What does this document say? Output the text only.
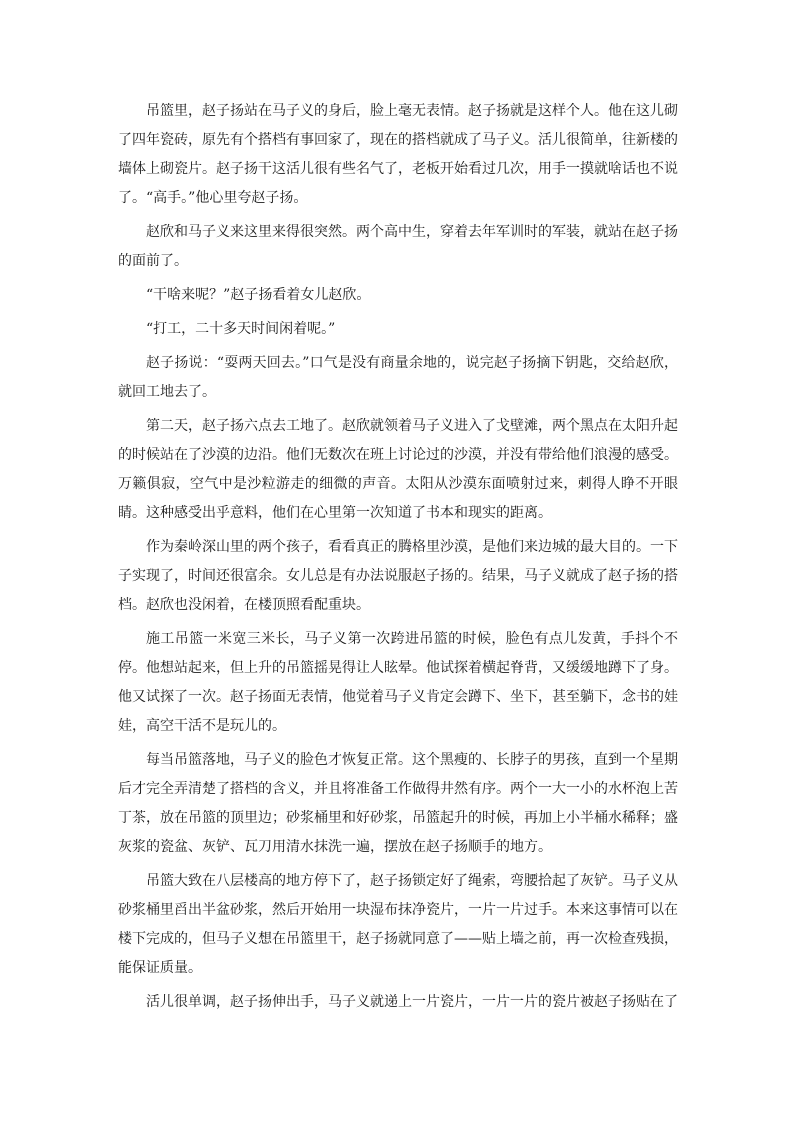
吊篮里，赵子扬站在马子义的身后，脸上毫无表情。赵子扬就是这样个人。他在这儿砌了四年瓷砖，原先有个搭档有事回家了，现在的搭档就成了马子义。活儿很简单，往新楼的墙体上砌瓷片。赵子扬干这活儿很有些名气了，老板开始看过几次，用手一摸就啥话也不说了。“高手。”他心里夸赵子扬。

赵欣和马子义来这里来得很突然。两个高中生，穿着去年军训时的军装，就站在赵子扬的面前了。

“干啥来呢？”赵子扬看着女儿赵欣。

“打工，二十多天时间闲着呢。”

赵子扬说：“耍两天回去。”口气是没有商量余地的，说完赵子扬摘下钥匙，交给赵欣，就回工地去了。

第二天，赵子扬六点去工地了。赵欣就领着马子义进入了戈壁滩，两个黑点在太阳升起的时候站在了沙漠的边沿。他们无数次在班上讨论过的沙漠，并没有带给他们浪漫的感受。万籁俱寂，空气中是沙粒游走的细微的声音。太阳从沙漠东面喷射过来，刺得人睁不开眼睛。这种感受出乎意料，他们在心里第一次知道了书本和现实的距离。

作为秦岭深山里的两个孩子，看看真正的腾格里沙漠，是他们来边城的最大目的。一下子实现了，时间还很富余。女儿总是有办法说服赵子扬的。结果，马子义就成了赵子扬的搭档。赵欣也没闲着，在楼顶照看配重块。

施工吊篮一米宽三米长，马子义第一次跨进吊篮的时候，脸色有点儿发黄，手抖个不停。他想站起来，但上升的吊篮摇晃得让人眩晕。他试探着横起脊背，又缓缓地蹲下了身。他又试探了一次。赵子扬面无表情，他觉着马子义肯定会蹲下、坐下，甚至躺下，念书的娃娃，高空干活不是玩儿的。

每当吊篮落地，马子义的脸色才恢复正常。这个黑瘦的、长脖子的男孩，直到一个星期后才完全弄清楚了搭档的含义，并且将准备工作做得井然有序。两个一大一小的水杯泡上苦丁茶，放在吊篮的顶里边；砂浆桶里和好砂浆，吊篮起升的时候，再加上小半桶水稀释；盛灰浆的瓷盆、灰铲、瓦刀用清水抹洗一遍，摆放在赵子扬顺手的地方。

吊篮大致在八层楼高的地方停下了，赵子扬锁定好了绳索，弯腰拾起了灰铲。马子义从砂浆桶里舀出半盆砂浆，然后开始用一块湿布抹净瓷片，一片一片过手。本来这事情可以在楼下完成的，但马子义想在吊篮里干，赵子扬就同意了——贴上墙之前，再一次检查残损，能保证质量。

活儿很单调，赵子扬伸出手，马子义就递上一片瓷片，一片一片的瓷片被赵子扬贴在了
